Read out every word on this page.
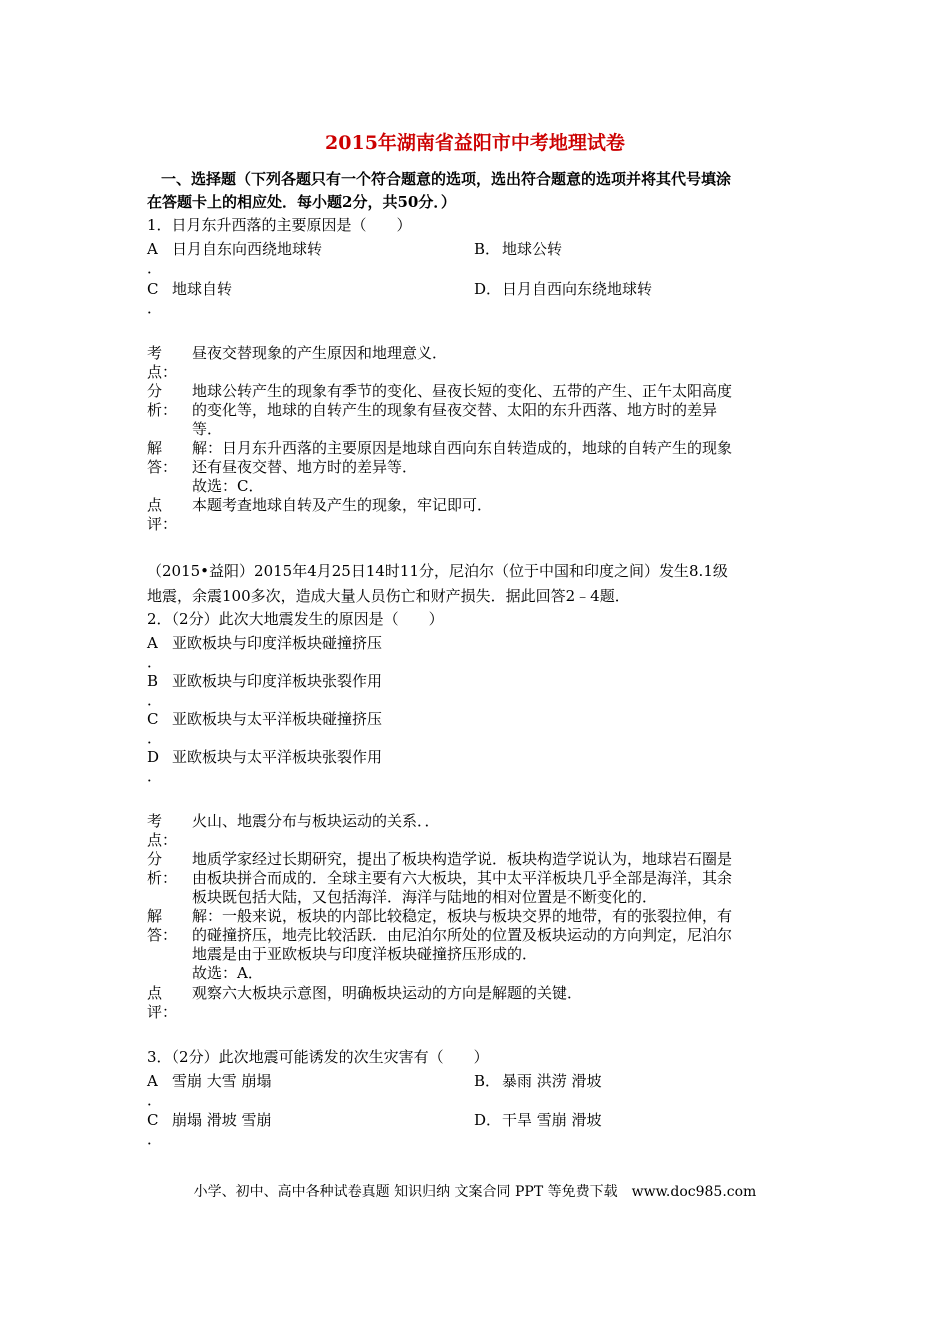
2015年湖南省益阳市中考地理试卷
一、选择题（下列各题只有一个符合题意的选项，选出符合题意的选项并将其代号填涂
在答题卡上的相应处．每小题2分，共50分．）
1．日月东升西落的主要原因是（　　）
A 日月自东向西绕地球转
．
B． 地球公转
C 地球自转
．
D． 日月自西向东绕地球转
考
点：
昼夜交替现象的产生原因和地理意义．
分
析：
地球公转产生的现象有季节的变化、昼夜长短的变化、五带的产生、正午太阳高度
的变化等，地球的自转产生的现象有昼夜交替、太阳的东升西落、地方时的差异
等．
解
答：
解：日月东升西落的主要原因是地球自西向东自转造成的，地球的自转产生的现象
还有昼夜交替、地方时的差异等．
故选：C．
点
评：
本题考查地球自转及产生的现象，牢记即可．
（2015•益阳）2015年4月25日14时11分，尼泊尔（位于中国和印度之间）发生8.1级
地震，余震100多次，造成大量人员伤亡和财产损失．据此回答2﹣4题．
2．（2分）此次大地震发生的原因是（　　）
A 亚欧板块与印度洋板块碰撞挤压
．
B 亚欧板块与印度洋板块张裂作用
．
C 亚欧板块与太平洋板块碰撞挤压
．
D 亚欧板块与太平洋板块张裂作用
．
考
点：
火山、地震分布与板块运动的关系．．
分
析：
地质学家经过长期研究，提出了板块构造学说．板块构造学说认为，地球岩石圈是
由板块拼合而成的．全球主要有六大板块，其中太平洋板块几乎全部是海洋，其余
板块既包括大陆，又包括海洋．海洋与陆地的相对位置是不断变化的．
解
答：
解：一般来说，板块的内部比较稳定，板块与板块交界的地带，有的张裂拉伸，有
的碰撞挤压，地壳比较活跃．由尼泊尔所处的位置及板块运动的方向判定，尼泊尔
地震是由于亚欧板块与印度洋板块碰撞挤压形成的．
故选：A．
点
评：
观察六大板块示意图，明确板块运动的方向是解题的关键．
3．（2分）此次地震可能诱发的次生灾害有（　　）
A 雪崩 大雪 崩塌
．
B． 暴雨 洪涝 滑坡
C 崩塌 滑坡 雪崩
．
D． 干旱 雪崩 滑坡
小学、初中、高中各种试卷真题 知识归纳 文案合同 PPT 等免费下载　www.doc985.com
